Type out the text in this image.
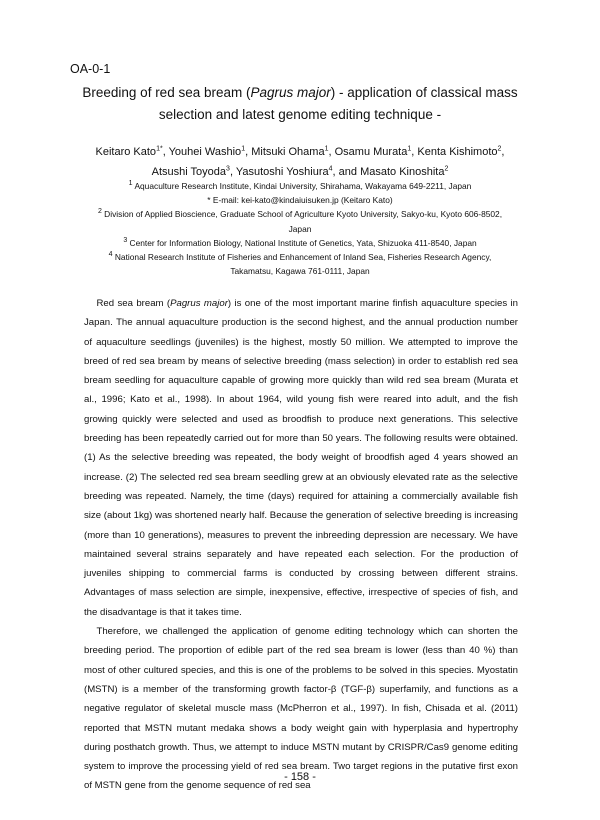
OA-0-1
Breeding of red sea bream (Pagrus major) - application of classical mass selection and latest genome editing technique -
Keitaro Kato$^{1*}$, Youhei Washio$^1$, Mitsuki Ohama$^1$, Osamu Murata$^1$, Kenta Kishimoto$^2$,
Atsushi Toyoda$^3$, Yasutoshi Yoshiura$^4$, and Masato Kinoshita$^2$
$^1$ Aquaculture Research Institute, Kindai University, Shirahama, Wakayama 649-2211, Japan
* E-mail: kei-kato@kindaiuisuken.jp (Keitaro Kato)
$^2$ Division of Applied Bioscience, Graduate School of Agriculture Kyoto University, Sakyo-ku, Kyoto 606-8502,
Japan
$^3$ Center for Information Biology, National Institute of Genetics, Yata, Shizuoka 411-8540, Japan
$^4$ National Research Institute of Fisheries and Enhancement of Inland Sea, Fisheries Research Agency,
Takamatsu, Kagawa 761-0111, Japan

Red sea bream (Pagrus major) is one of the most important marine finfish aquaculture species in Japan. The annual aquaculture production is the second highest, and the annual production number of aquaculture seedlings (juveniles) is the highest, mostly 50 million. We attempted to improve the breed of red sea bream by means of selective breeding (mass selection) in order to establish red sea bream seedling for aquaculture capable of growing more quickly than wild red sea bream (Murata et al., 1996; Kato et al., 1998). In about 1964, wild young fish were reared into adult, and the fish growing quickly were selected and used as broodfish to produce next generations. This selective breeding has been repeatedly carried out for more than 50 years. The following results were obtained. (1) As the selective breeding was repeated, the body weight of broodfish aged 4 years showed an increase. (2) The selected red sea bream seedling grew at an obviously elevated rate as the selective breeding was repeated. Namely, the time (days) required for attaining a commercially available fish size (about 1kg) was shortened nearly half. Because the generation of selective breeding is increasing (more than 10 generations), measures to prevent the inbreeding depression are necessary. We have maintained several strains separately and have repeated each selection. For the production of juveniles shipping to commercial farms is conducted by crossing between different strains. Advantages of mass selection are simple, inexpensive, effective, irrespective of species of fish, and the disadvantage is that it takes time.

Therefore, we challenged the application of genome editing technology which can shorten the breeding period. The proportion of edible part of the red sea bream is lower (less than 40 %) than most of other cultured species, and this is one of the problems to be solved in this species. Myostatin (MSTN) is a member of the transforming growth factor-β (TGF-β) superfamily, and functions as a negative regulator of skeletal muscle mass (McPherron et al., 1997). In fish, Chisada et al. (2011) reported that MSTN mutant medaka shows a body weight gain with hyperplasia and hypertrophy during posthatch growth. Thus, we attempt to induce MSTN mutant by CRISPR/Cas9 genome editing system to improve the processing yield of red sea bream. Two target regions in the putative first exon of MSTN gene from the genome sequence of red sea

- 158 -
